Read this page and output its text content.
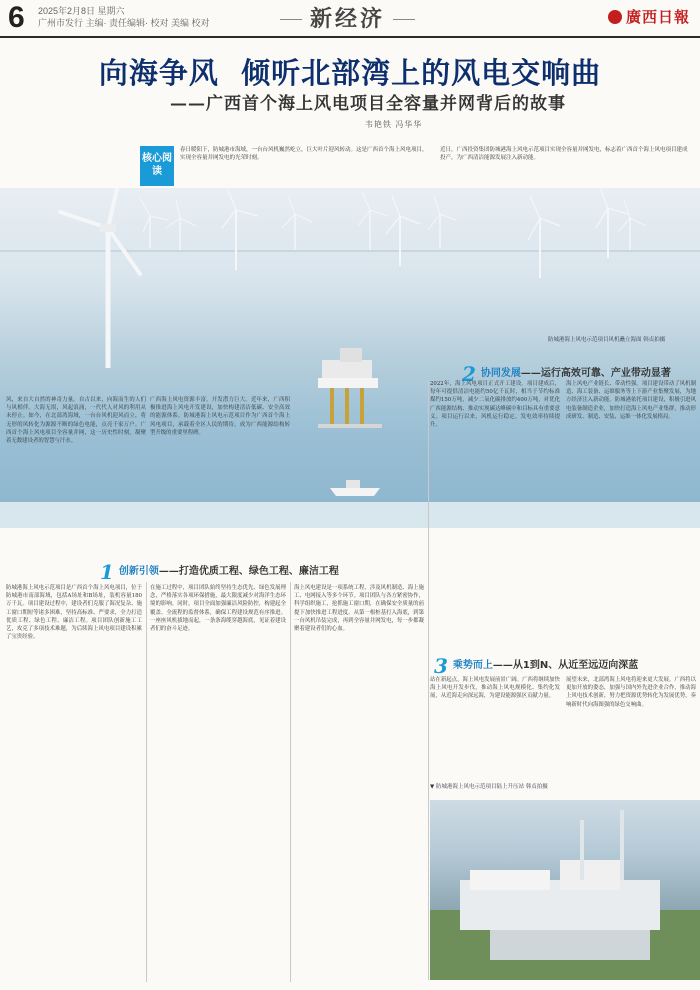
6 2025年2月8日 星期六
广州市发行 主编· 责任编辑· 校对 美编 校对	新经济	廣西日報
向海争风  倾听北部湾上的风电交响曲
——广西首个海上风电项目全容量并网背后的故事
韦艳铁 冯华华
核心阅读
春日暖阳下，防城港市海域，一台台风机巍然屹立，巨大叶片迎风转动。这是广西首个海上风电项目，实现全容量并网发电的光荣时刻。
近日，广西投资集团防城港海上风电示范项目实现全容量并网发电，标志着广西首个海上风电项目建成投产，为广西清洁能源发展注入新动能。
防城港海上风电示范项目风机矗立海面 韩贞拍摄
风，来自大自然的神奇力量。自古以来，向海而生的人们与风相伴。大海无垠，风起浪涌，一代代人对风的利用从未停止。如今，在北部湾海域，一台台风机迎风而立，将无形的风转化为源源不断的绿色电能，点亮千家万户。广西首个海上风电项目全容量并网，这一历史性时刻，凝聚着无数建设者的智慧与汗水。
广西海上风电资源丰富，开发潜力巨大。近年来，广西积极推进海上风电开发建设，加快构建清洁低碳、安全高效的能源体系。防城港海上风电示范项目作为广西首个海上风电项目，承载着全区人民的期待，成为广西能源结构转型升级的重要里程碑。
2 协同发展——运行高效可靠、产业带动显著
2022年，海上风电项目正式开工建设。项目建成后，每年可提供清洁电能约50亿千瓦时，相当于节约标准煤约150万吨，减少二氧化碳排放约400万吨，对优化广西能源结构、推动实现碳达峰碳中和目标具有重要意义。项目运行以来，风机运行稳定，发电效率持续提升。
海上风电产业链长、带动性强。项目建设带动了风机制造、海工装备、运维服务等上下游产业集聚发展，为地方经济注入新动能。防城港依托项目建设，积极引进风电装备制造企业，加快打造海上风电产业集群，推动形成研发、制造、安装、运维一体化发展格局。
1 创新引领——打造优质工程、绿色工程、廉洁工程
防城港海上风电示范项目是广西首个海上风电项目，位于防城港市南部海域，包括A场址和B场址，装机容量180万千瓦。项目建设过程中，建设者们克服了海况复杂、施工窗口期短等诸多困难，坚持高标准、严要求，全力打造优质工程、绿色工程、廉洁工程。项目团队创新施工工艺，攻克了多项技术难题，为后续海上风电项目建设积累了宝贵经验。
在施工过程中，项目团队始终坚持生态优先、绿色发展理念，严格落实各项环保措施，最大限度减少对海洋生态环境的影响。同时，项目全面加强廉洁风险防控，构建起全覆盖、全流程的监督体系，确保工程建设规范有序推进。一座座风机拔地而起，一条条海缆穿越海底，见证着建设者们的奋斗足迹。
海上风电建设是一项系统工程，涉及风机制造、海上施工、电网接入等多个环节。项目团队与各方紧密协作，科学组织施工，抢抓施工窗口期，在确保安全质量的前提下加快推进工程进度。从第一根桩基打入海底，到第一台风机吊装完成，再到全容量并网发电，每一步都凝聚着建设者们的心血。
3 乘势而上——从1到N、从近至远迈向深蓝
站在新起点，海上风电发展前景广阔。广西将继续加快海上风电开发步伐，推动海上风电规模化、集约化发展，从近海走向深远海，为建设能源强区贡献力量。
展望未来，北部湾海上风电将迎来更大发展。广西将以更加开放的姿态，加强与国内外先进企业合作，推动海上风电技术创新，努力把资源优势转化为发展优势，奏响新时代向海图强的绿色交响曲。
▼ 防城港海上风电示范项目陆上升压站 韩贞拍摄
